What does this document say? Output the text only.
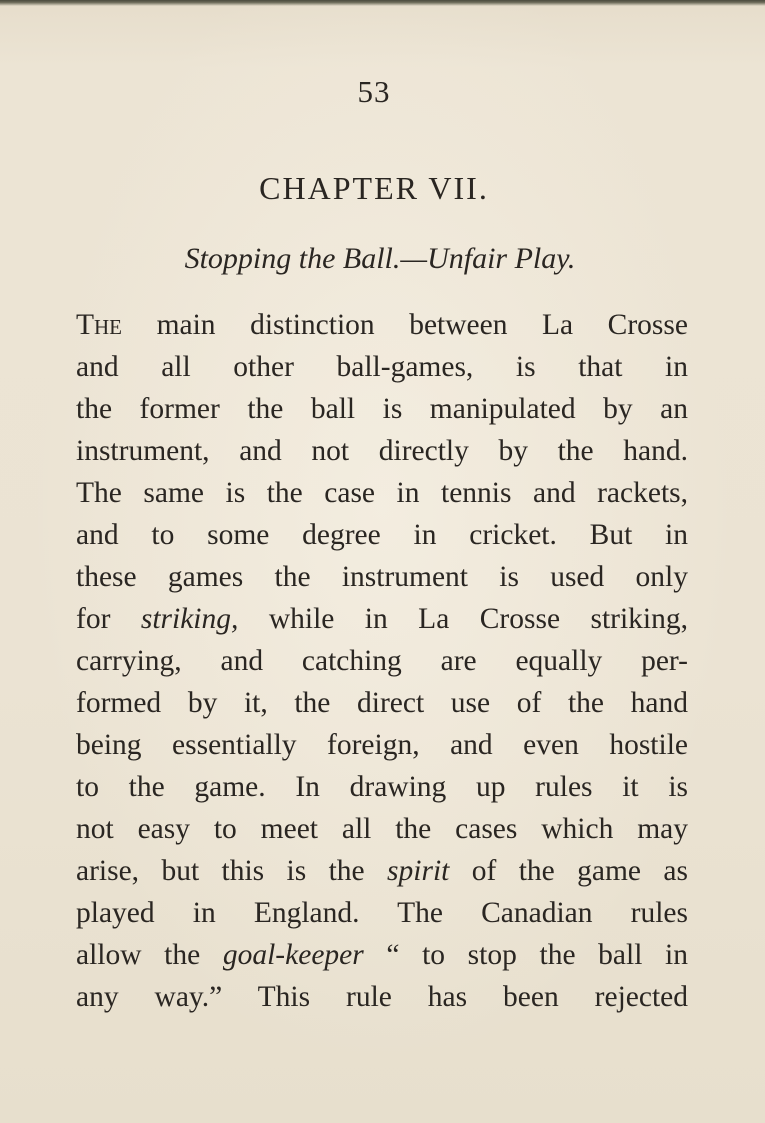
53
CHAPTER VII.
Stopping the Ball.—Unfair Play.
The main distinction between La Crosse
and all other ball-games, is that in
the former the ball is manipulated by an
instrument, and not directly by the hand.
The same is the case in tennis and rackets,
and to some degree in cricket. But in
these games the instrument is used only
for striking, while in La Crosse striking,
carrying, and catching are equally per-
formed by it, the direct use of the hand
being essentially foreign, and even hostile
to the game. In drawing up rules it is
not easy to meet all the cases which may
arise, but this is the spirit of the game as
played in England. The Canadian rules
allow the goal-keeper “ to stop the ball in
any way.” This rule has been rejected
